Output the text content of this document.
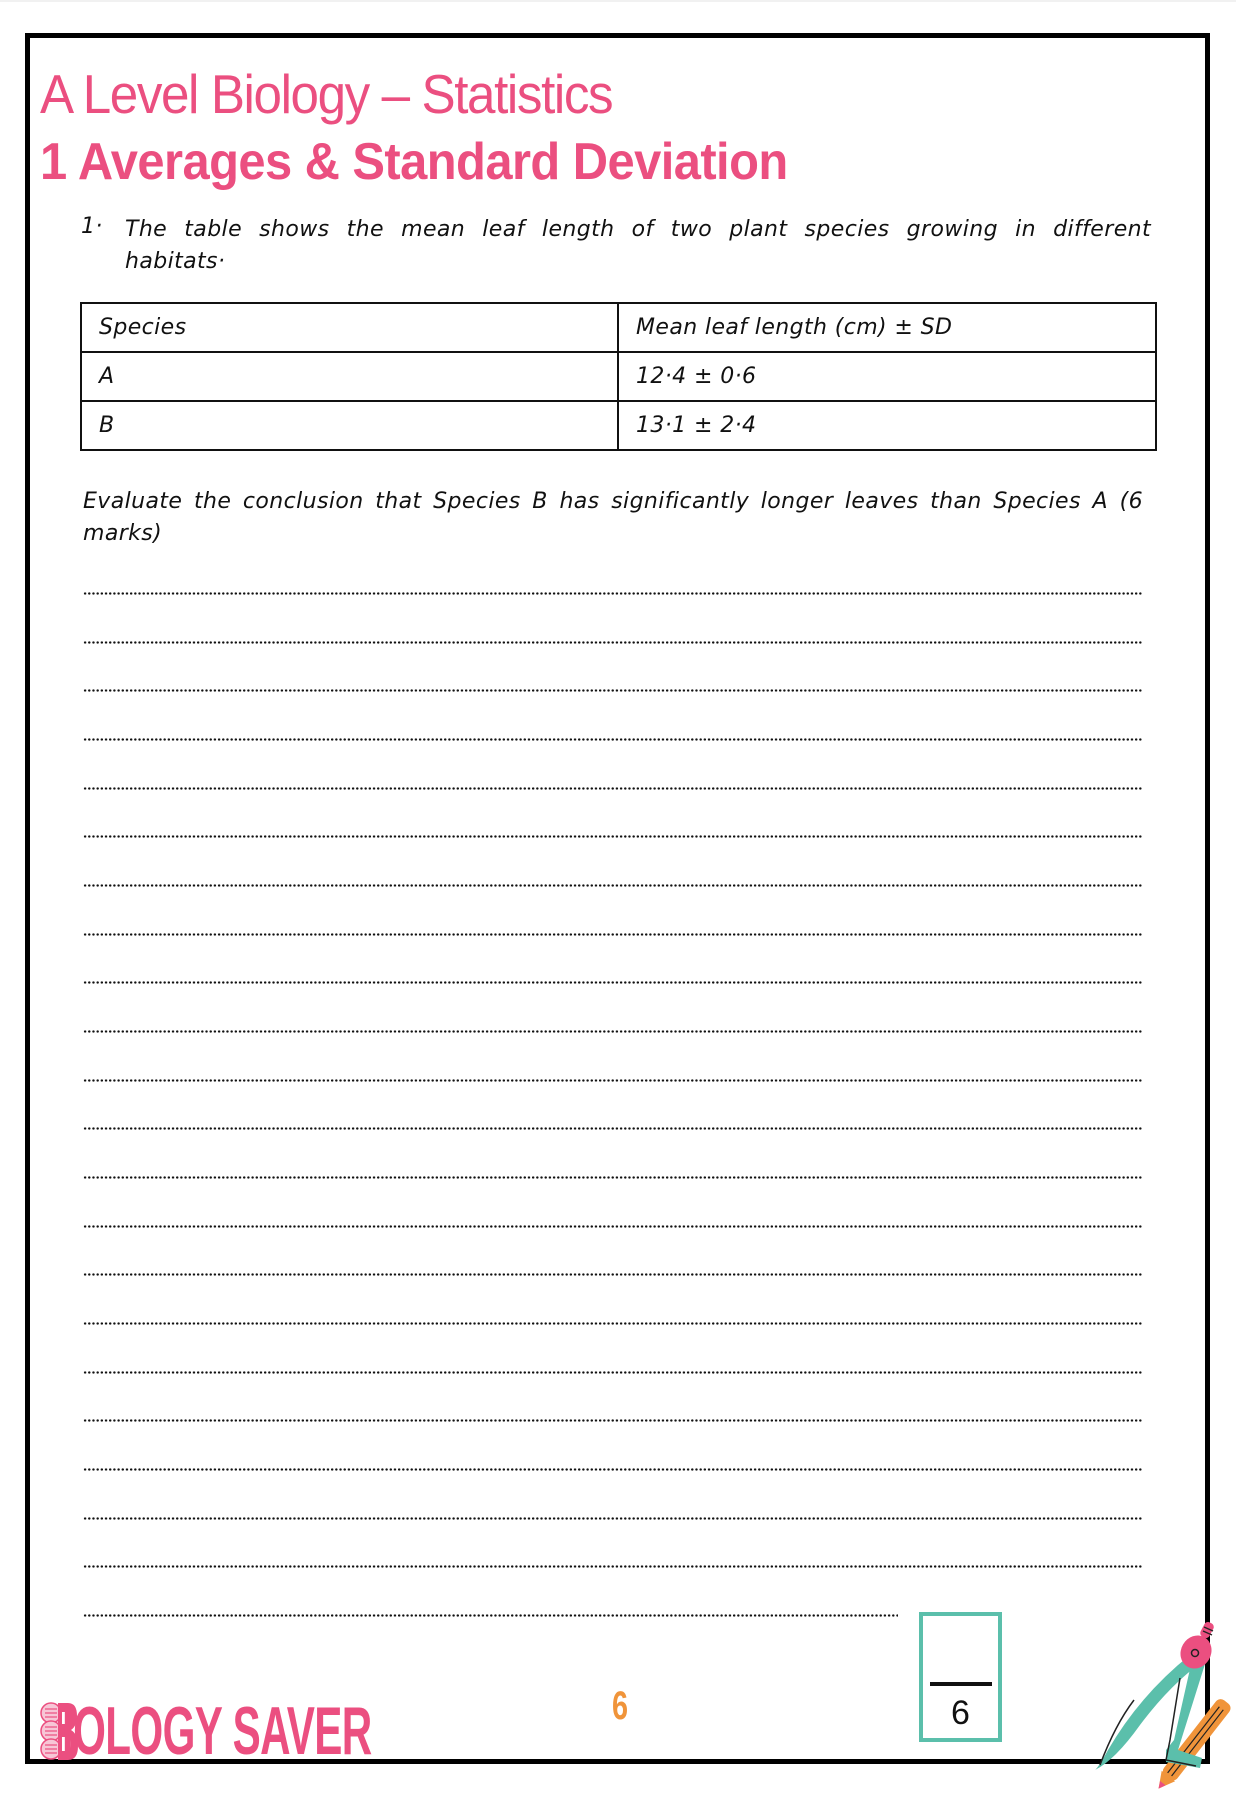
A Level Biology – Statistics
1 Averages & Standard Deviation
1· The table shows the mean leaf length of two plant species growing in different habitats·
Species	Mean leaf length (cm) ± SD
A	12·4 ± 0·6
B	13·1 ± 2·4
Evaluate the conclusion that Species B has significantly longer leaves than Species A (6 marks)
6
6
IOLOGY SAVER
